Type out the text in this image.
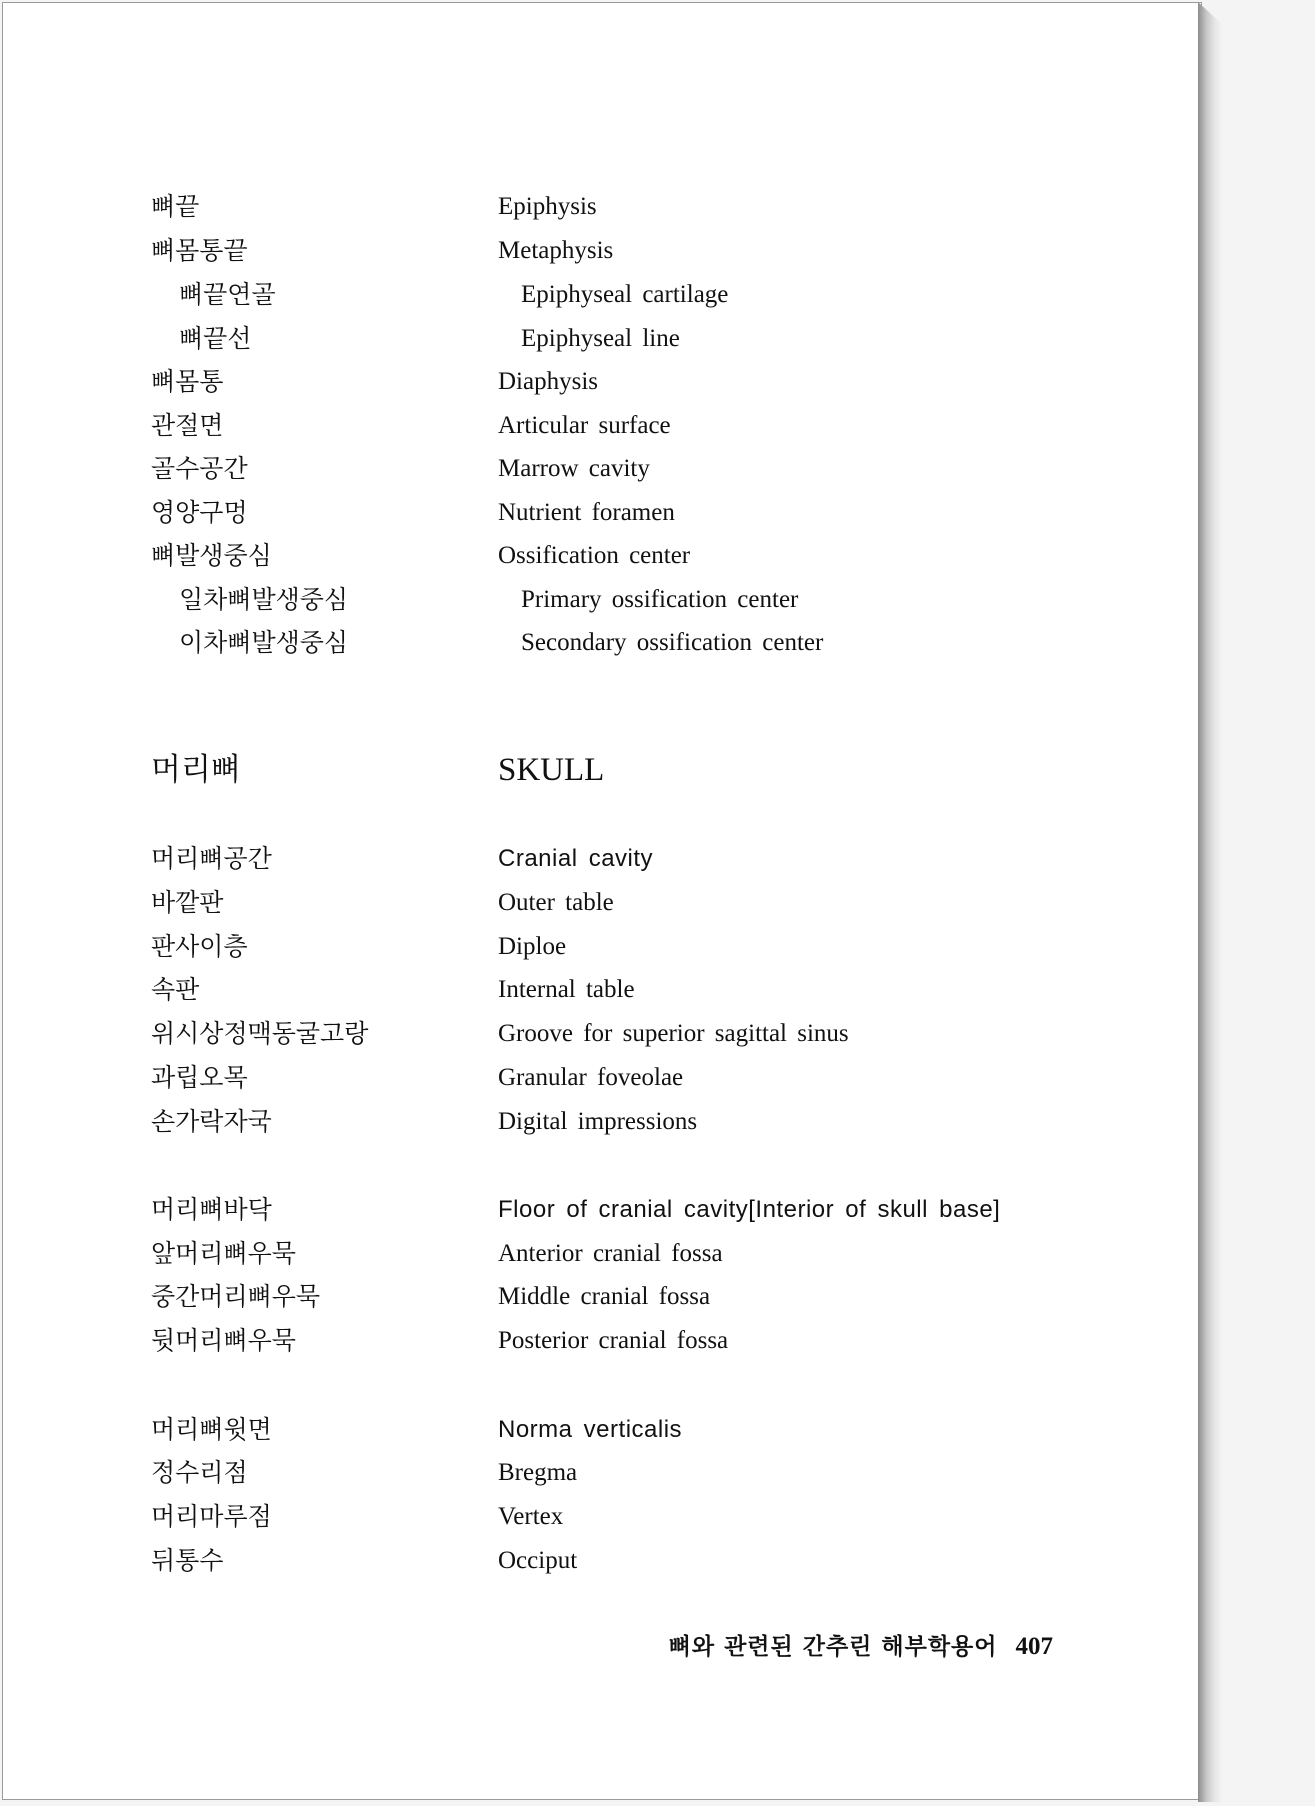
뼈끝	Epiphysis
뼈몸통끝	Metaphysis
뼈끝연골	Epiphyseal cartilage
뼈끝선	Epiphyseal line
뼈몸통	Diaphysis
관절면	Articular surface
골수공간	Marrow cavity
영양구멍	Nutrient foramen
뼈발생중심	Ossification center
일차뼈발생중심	Primary ossification center
이차뼈발생중심	Secondary ossification center
머리뼈	SKULL
머리뼈공간	Cranial cavity
바깥판	Outer table
판사이층	Diploe
속판	Internal table
위시상정맥동굴고랑	Groove for superior sagittal sinus
과립오목	Granular foveolae
손가락자국	Digital impressions
머리뼈바닥	Floor of cranial cavity[Interior of skull base]
앞머리뼈우묵	Anterior cranial fossa
중간머리뼈우묵	Middle cranial fossa
뒷머리뼈우묵	Posterior cranial fossa
머리뼈윗면	Norma verticalis
정수리점	Bregma
머리마루점	Vertex
뒤통수	Occiput
뼈와 관련된 간추린 해부학용어 407
